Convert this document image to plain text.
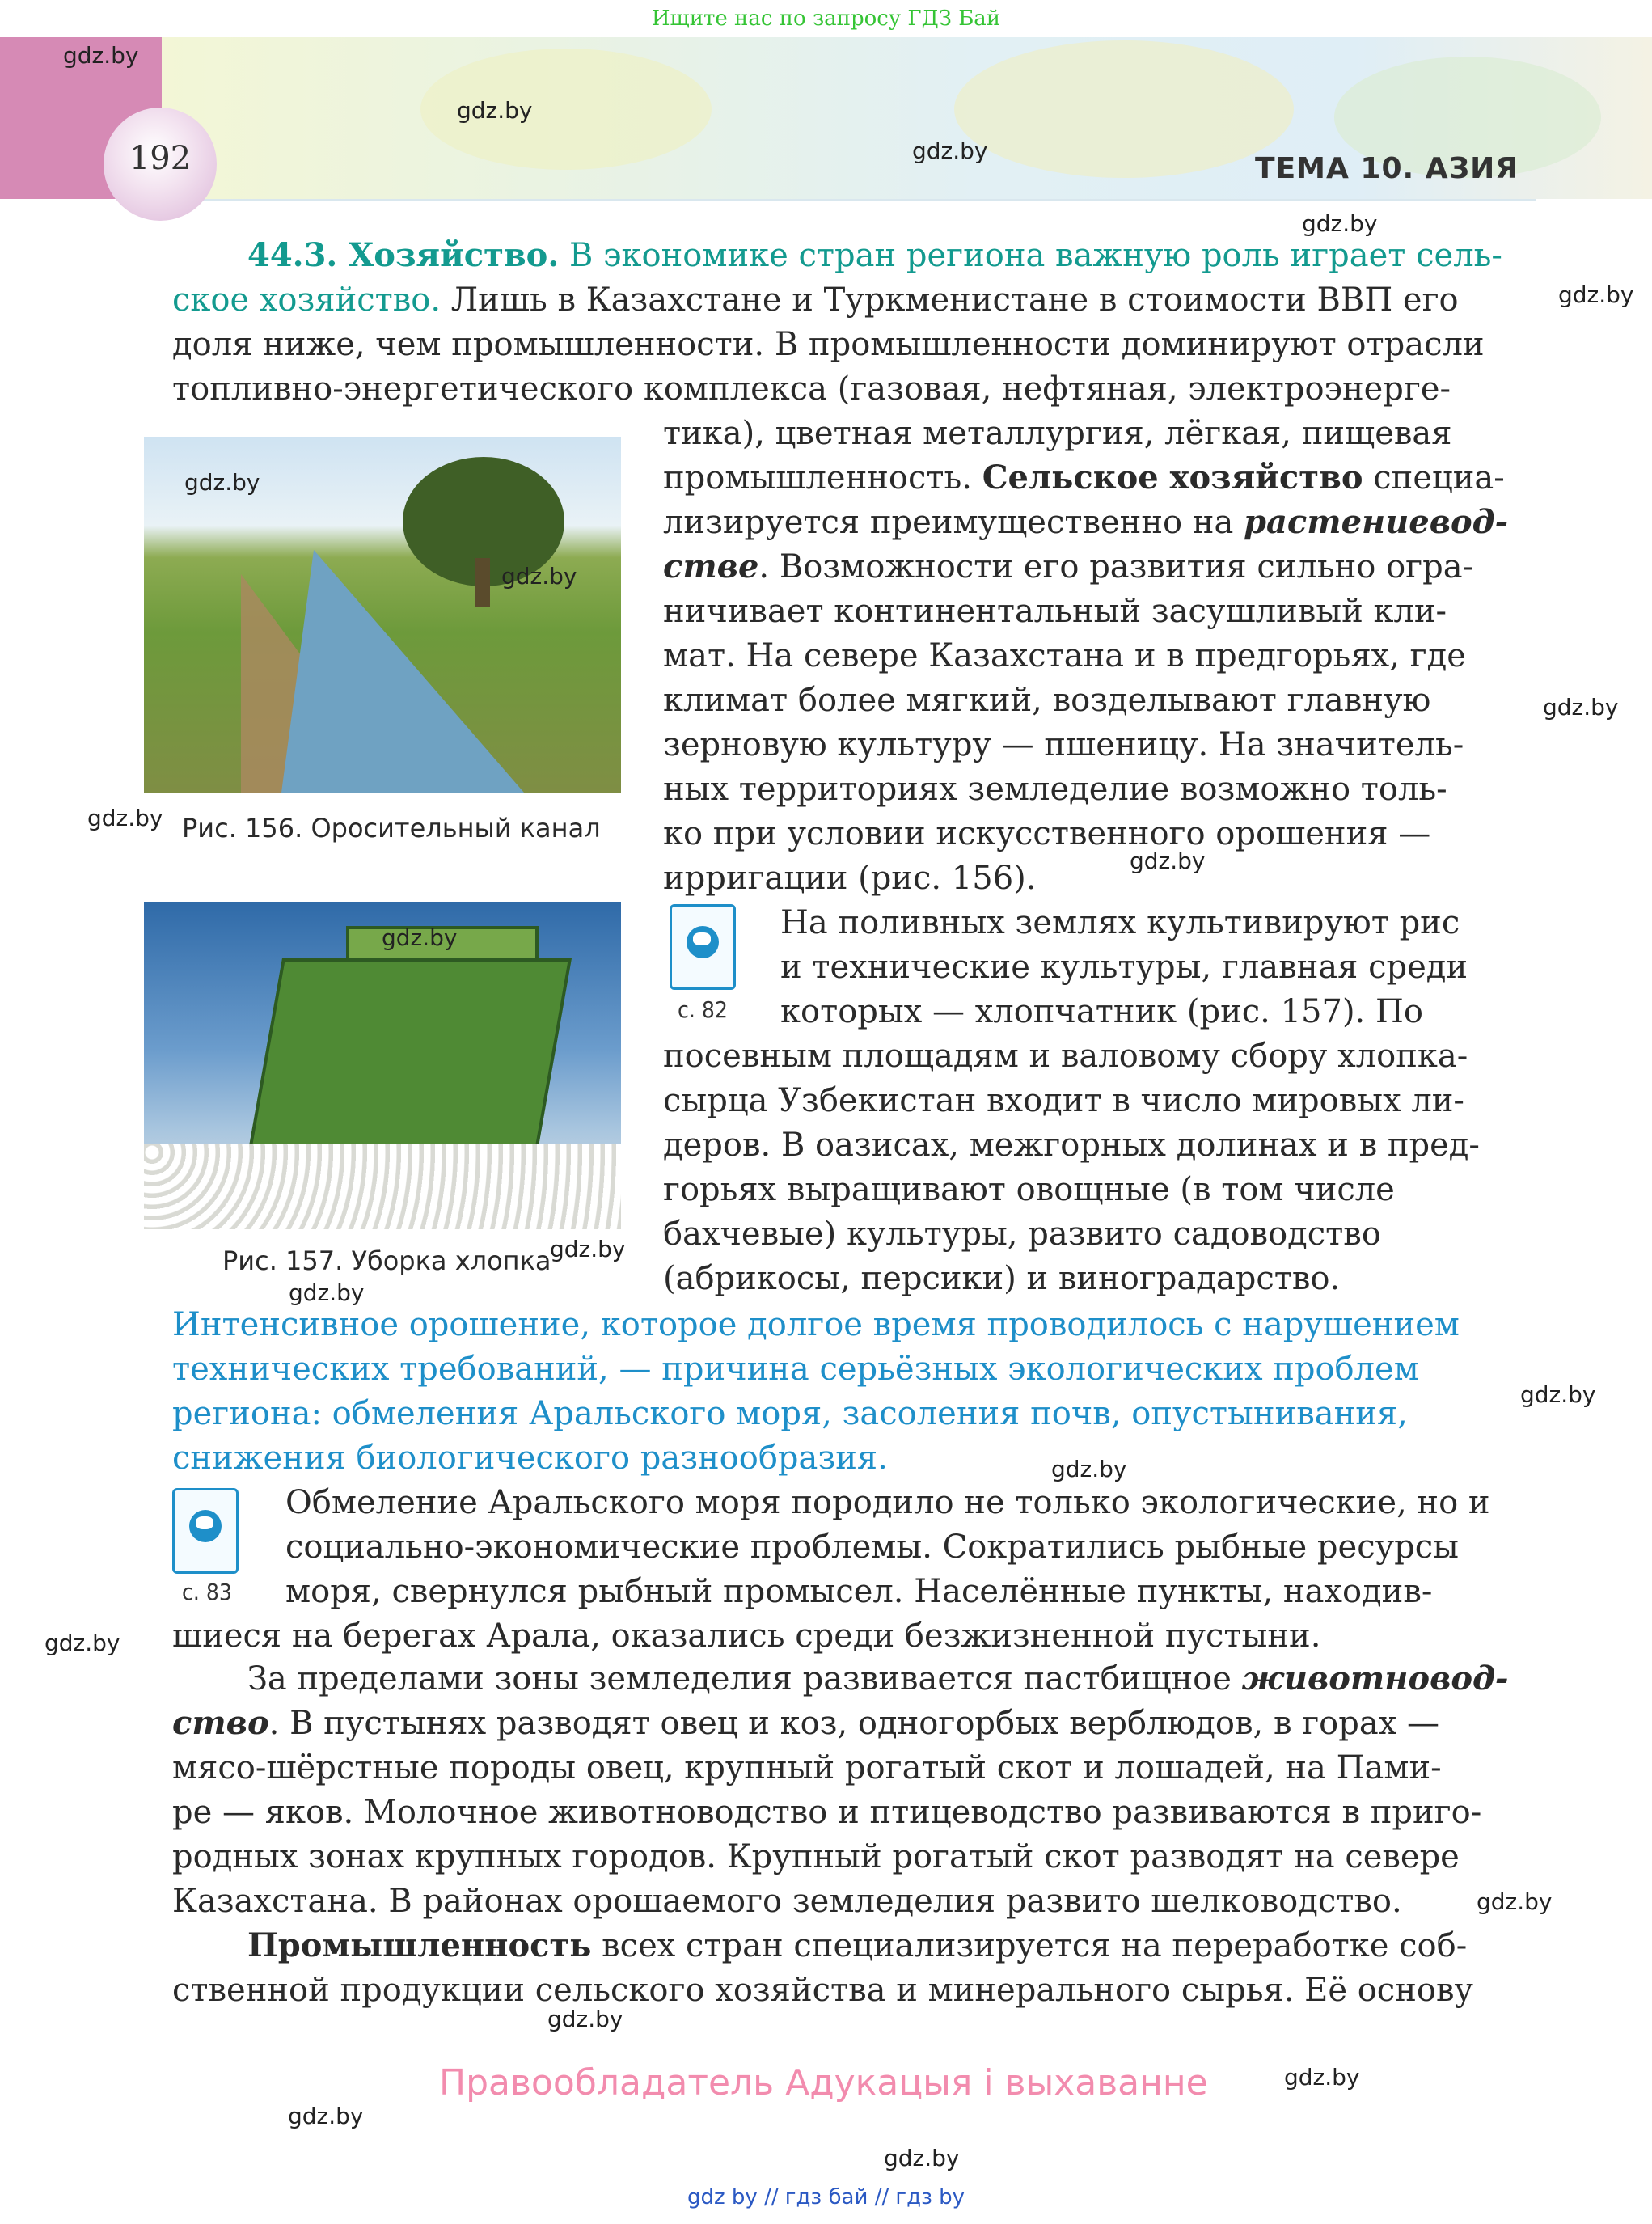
Ищите нас по запросу ГДЗ Бай
192	ТЕМА 10. АЗИЯ
gdz.by
gdz.by
gdz.by
gdz.by
gdz.by
gdz.by
gdz.by
gdz.by
gdz.by
gdz.by
gdz.by
gdz.by
gdz.by
gdz.by
gdz.by
gdz.by
gdz.by
gdz.by
44.3. Хозяйство. В экономике стран региона важную роль играет сель-
ское хозяйство. Лишь в Казахстане и Туркменистане в стоимости ВВП его
доля ниже, чем промышленности. В промышленности доминируют отрасли
топливно-энергетического комплекса (газовая, нефтяная, электроэнерге-
тика), цветная металлургия, лёгкая, пищевая
промышленность. Сельское хозяйство специа-
лизируется преимущественно на растениевод-
стве. Возможности его развития сильно огра-
ничивает континентальный засушливый кли-
мат. На севере Казахстана и в предгорьях, где
климат более мягкий, возделывают главную
зерновую культуру — пшеницу. На значитель-
ных территориях земледелие возможно толь-
ко при условии искусственного орошения —
ирригации (рис. 156).
gdz.by
gdz.by
Рис. 156. Оросительный канал
с. 82
На поливных землях культивируют рис
и технические культуры, главная среди
которых — хлопчатник (рис. 157). По
посевным площадям и валовому сбору хлопка-
сырца Узбекистан входит в число мировых ли-
деров. В оазисах, межгорных долинах и в пред-
горьях выращивают овощные (в том числе
бахчевые) культуры, развито садоводство
(абрикосы, персики) и виноградарство.
gdz.by
Рис. 157. Уборка хлопка
Интенсивное орошение, которое долгое время проводилось с нарушением
технических требований, — причина серьёзных экологических проблем
региона: обмеления Аральского моря, засоления почв, опустынивания,
снижения биологического разнообразия.
с. 83
Обмеление Аральского моря породило не только экологические, но и
социально-экономические проблемы. Сократились рыбные ресурсы
моря, свернулся рыбный промысел. Населённые пункты, находив-
шиеся на берегах Арала, оказались среди безжизненной пустыни.
За пределами зоны земледелия развивается пастбищное животновод-
ство. В пустынях разводят овец и коз, одногорбых верблюдов, в горах —
мясо-шёрстные породы овец, крупный рогатый скот и лошадей, на Пами-
ре — яков. Молочное животноводство и птицеводство развиваются в приго-
родных зонах крупных городов. Крупный рогатый скот разводят на севере
Казахстана. В районах орошаемого земледелия развито шелководство.
Промышленность всех стран специализируется на переработке соб-
ственной продукции сельского хозяйства и минерального сырья. Её основу
Правообладатель Адукацыя і выхаванне
gdz by // гдз бай // гдз by
